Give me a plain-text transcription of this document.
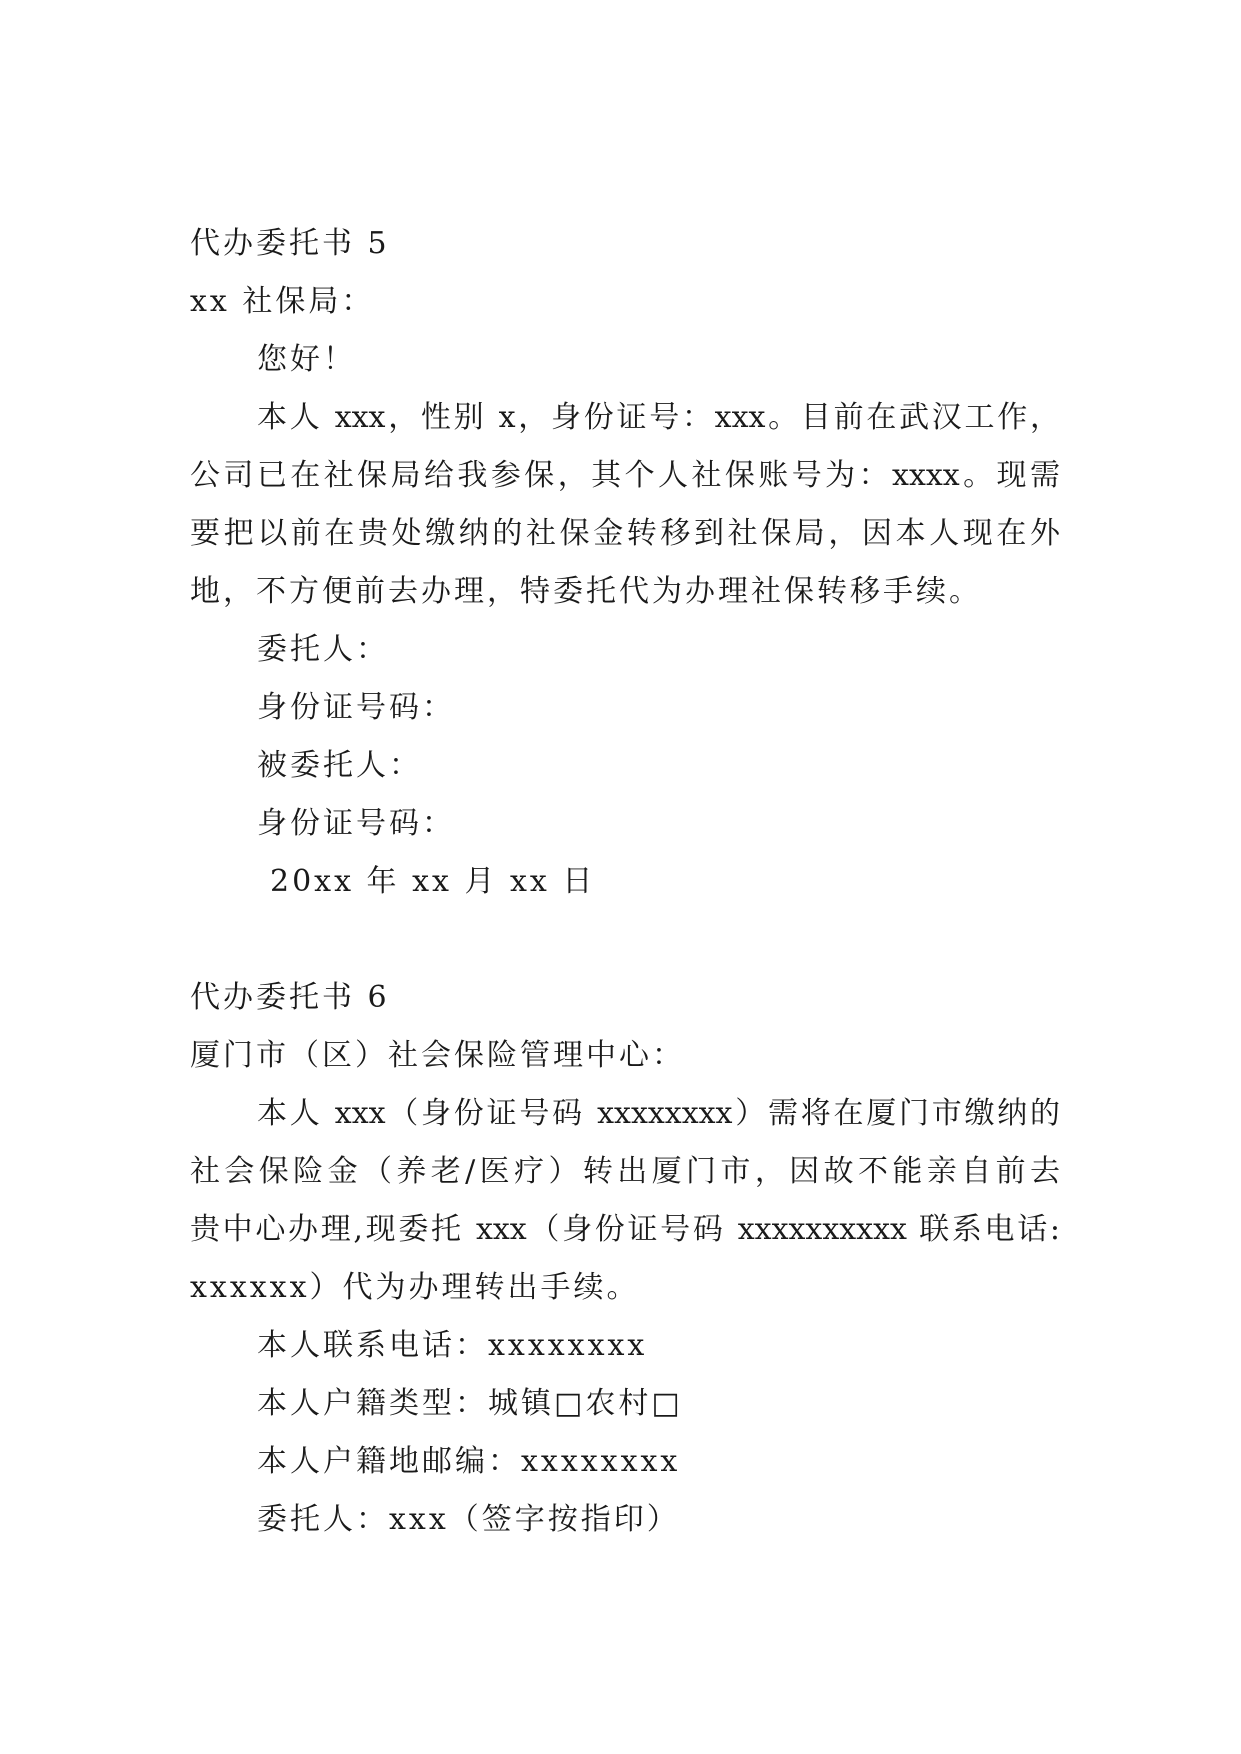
代办委托书 5
xx 社保局：
您好！
本人 xxx，性别 x，身份证号：xxx。目前在武汉工作，
公司已在社保局给我参保，其个人社保账号为：xxxx。现需
要把以前在贵处缴纳的社保金转移到社保局，因本人现在外
地，不方便前去办理，特委托代为办理社保转移手续。
委托人：
身份证号码：
被委托人：
身份证号码：
20xx 年 xx 月 xx 日
代办委托书 6
厦门市（区）社会保险管理中心：
本人 xxx（身份证号码 xxxxxxxx）需将在厦门市缴纳的
社会保险金（养老/医疗）转出厦门市，因故不能亲自前去
贵中心办理,现委托 xxx（身份证号码 xxxxxxxxxx 联系电话:
xxxxxx）代为办理转出手续。
本人联系电话：xxxxxxxx
本人户籍类型：城镇□农村□
本人户籍地邮编：xxxxxxxx
委托人：xxx（签字按指印）
